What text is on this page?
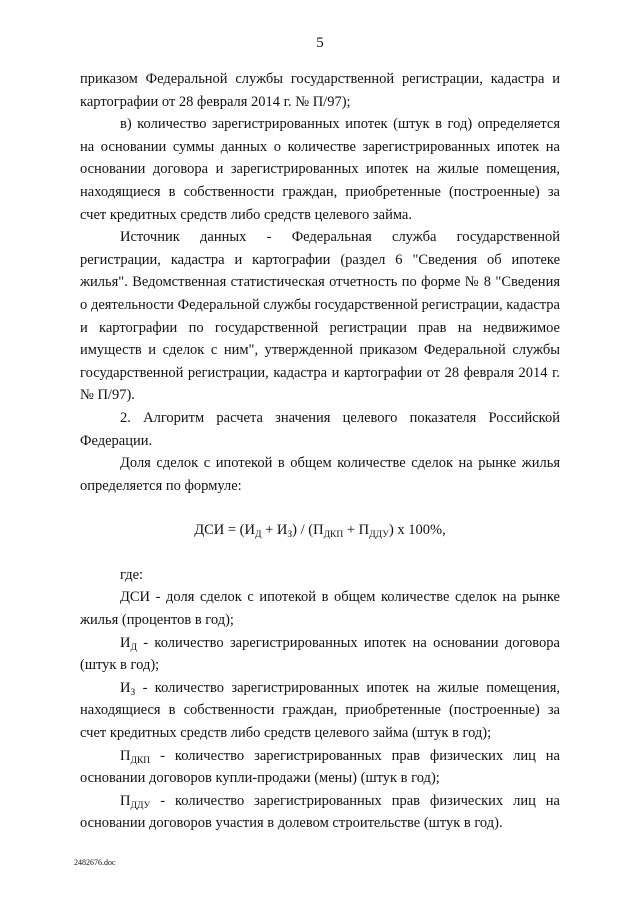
5

приказом Федеральной службы государственной регистрации, кадастра и картографии от 28 февраля 2014 г. № П/97);

в) количество зарегистрированных ипотек (штук в год) определяется на основании суммы данных о количестве зарегистрированных ипотек на основании договора и зарегистрированных ипотек на жилые помещения, находящиеся в собственности граждан, приобретенные (построенные) за счет кредитных средств либо средств целевого займа.

Источник данных - Федеральная служба государственной регистрации, кадастра и картографии (раздел 6 "Сведения об ипотеке жилья". Ведомственная статистическая отчетность по форме № 8 "Сведения о деятельности Федеральной службы государственной регистрации, кадастра и картографии по государственной регистрации прав на недвижимое имуществ и сделок с ним", утвержденной приказом Федеральной службы государственной регистрации, кадастра и картографии от 28 февраля 2014 г. № П/97).

2. Алгоритм расчета значения целевого показателя Российской Федерации.

Доля сделок с ипотекой в общем количестве сделок на рынке жилья определяется по формуле:

ДСИ = $(И_Д + И_З) / (П_{ДКП} + П_{ДДУ})$ х 100%,

где:

ДСИ - доля сделок с ипотекой в общем количестве сделок на рынке жилья (процентов в год);

$И_Д$ - количество зарегистрированных ипотек на основании договора (штук в год);

$И_З$ - количество зарегистрированных ипотек на жилые помещения, находящиеся в собственности граждан, приобретенные (построенные) за счет кредитных средств либо средств целевого займа (штук в год);

$П_{ДКП}$ - количество зарегистрированных прав физических лиц на основании договоров купли-продажи (мены) (штук в год);

$П_{ДДУ}$ - количество зарегистрированных прав физических лиц на основании договоров участия в долевом строительстве (штук в год).

2482676.doc
